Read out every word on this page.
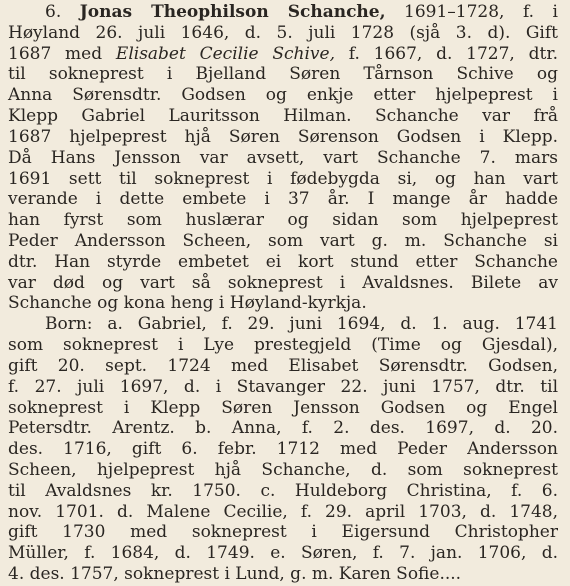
6. Jonas Theophilson Schanche, 1691–1728, f. i
Høyland 26. juli 1646, d. 5. juli 1728 (sjå 3. d). Gift
1687 med Elisabet Cecilie Schive, f. 1667, d. 1727, dtr.
til sokneprest i Bjelland Søren Tårnson Schive og
Anna Sørensdtr. Godsen og enkje etter hjelpeprest i
Klepp Gabriel Lauritsson Hilman. Schanche var frå
1687 hjelpeprest hjå Søren Sørenson Godsen i Klepp.
Då Hans Jensson var avsett, vart Schanche 7. mars
1691 sett til sokneprest i fødebygda si, og han vart
verande i dette embete i 37 år. I mange år hadde
han fyrst som huslærar og sidan som hjelpeprest
Peder Andersson Scheen, som vart g. m. Schanche si
dtr. Han styrde embetet ei kort stund etter Schanche
var død og vart så sokneprest i Avaldsnes. Bilete av
Schanche og kona heng i Høyland-kyrkja.
Born: a. Gabriel, f. 29. juni 1694, d. 1. aug. 1741
som sokneprest i Lye prestegjeld (Time og Gjesdal),
gift 20. sept. 1724 med Elisabet Sørensdtr. Godsen,
f. 27. juli 1697, d. i Stavanger 22. juni 1757, dtr. til
sokneprest i Klepp Søren Jensson Godsen og Engel
Petersdtr. Arentz. b. Anna, f. 2. des. 1697, d. 20.
des. 1716, gift 6. febr. 1712 med Peder Andersson
Scheen, hjelpeprest hjå Schanche, d. som sokneprest
til Avaldsnes kr. 1750. c. Huldeborg Christina, f. 6.
nov. 1701. d. Malene Cecilie, f. 29. april 1703, d. 1748,
gift 1730 med sokneprest i Eigersund Christopher
Müller, f. 1684, d. 1749. e. Søren, f. 7. jan. 1706, d.
4. des. 1757, sokneprest i Lund, g. m. Karen Sofie....
